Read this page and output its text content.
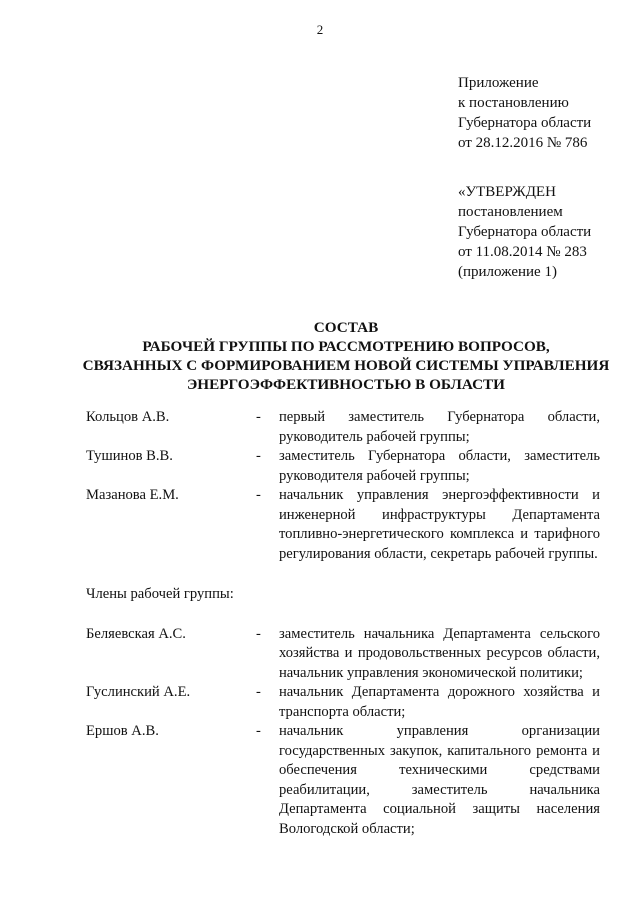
2
Приложение
к постановлению
Губернатора области
от 28.12.2016 № 786
«УТВЕРЖДЕН
постановлением
Губернатора области
от 11.08.2014 № 283
(приложение 1)
СОСТАВ
РАБОЧЕЙ ГРУППЫ ПО РАССМОТРЕНИЮ ВОПРОСОВ,
СВЯЗАННЫХ С ФОРМИРОВАНИЕМ НОВОЙ СИСТЕМЫ УПРАВЛЕНИЯ
ЭНЕРГОЭФФЕКТИВНОСТЬЮ В ОБЛАСТИ
Кольцов А.В.	-	первый заместитель Губернатора области, руководитель рабочей группы;
Тушинов В.В.	-	заместитель Губернатора области, заместитель руководителя рабочей группы;
Мазанова Е.М.	-	начальник управления энергоэффективности и инженерной инфраструктуры Департамента топливно-энергетического комплекса и тарифного регулирования области, секретарь рабочей группы.
Члены рабочей группы:
Беляевская А.С.	-	заместитель начальника Департамента сельского хозяйства и продовольственных ресурсов области, начальник управления экономической политики;
Гуслинский А.Е.	-	начальник Департамента дорожного хозяйства и транспорта области;
Ершов А.В.	-	начальник управления организации государственных закупок, капитального ремонта и обеспечения техническими средствами реабилитации, заместитель начальника Департамента социальной защиты населения Вологодской области;
